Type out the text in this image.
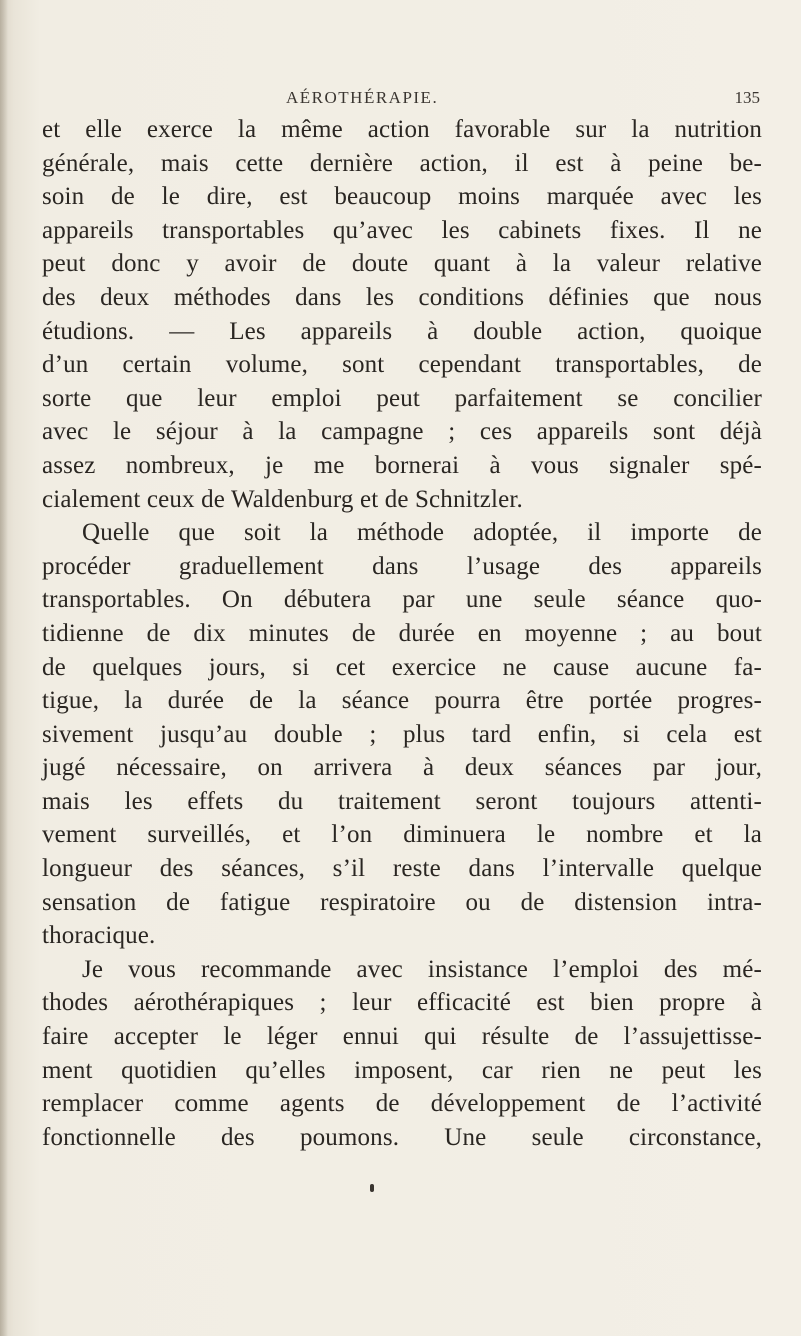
AÉROTHÉRAPIE.	135
et elle exerce la même action favorable sur la nutrition
générale, mais cette dernière action, il est à peine be-
soin de le dire, est beaucoup moins marquée avec les
appareils transportables qu’avec les cabinets fixes. Il ne
peut donc y avoir de doute quant à la valeur relative
des deux méthodes dans les conditions définies que nous
étudions. — Les appareils à double action, quoique
d’un certain volume, sont cependant transportables, de
sorte que leur emploi peut parfaitement se concilier
avec le séjour à la campagne ; ces appareils sont déjà
assez nombreux, je me bornerai à vous signaler spé-
cialement ceux de Waldenburg et de Schnitzler.
Quelle que soit la méthode adoptée, il importe de
procéder graduellement dans l’usage des appareils
transportables. On débutera par une seule séance quo-
tidienne de dix minutes de durée en moyenne ; au bout
de quelques jours, si cet exercice ne cause aucune fa-
tigue, la durée de la séance pourra être portée progres-
sivement jusqu’au double ; plus tard enfin, si cela est
jugé nécessaire, on arrivera à deux séances par jour,
mais les effets du traitement seront toujours attenti-
vement surveillés, et l’on diminuera le nombre et la
longueur des séances, s’il reste dans l’intervalle quelque
sensation de fatigue respiratoire ou de distension intra-
thoracique.
Je vous recommande avec insistance l’emploi des mé-
thodes aérothérapiques ; leur efficacité est bien propre à
faire accepter le léger ennui qui résulte de l’assujettisse-
ment quotidien qu’elles imposent, car rien ne peut les
remplacer comme agents de développement de l’activité
fonctionnelle des poumons. Une seule circonstance,
